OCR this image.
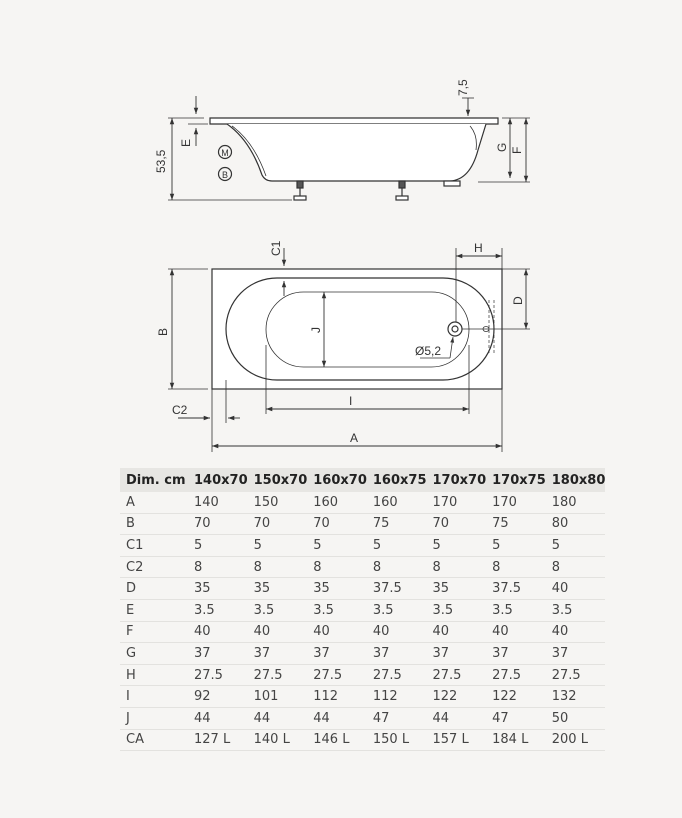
53,5
E
7,5
G F
M
B
C1	H
D
B	J
Ø5,2
C2
I
A
Dim. cm	140x70	150x70	160x70	160x75	170x70	170x75	180x80
A	140	150	160	160	170	170	180
B	70	70	70	75	70	75	80
C1	5	5	5	5	5	5	5
C2	8	8	8	8	8	8	8
D	35	35	35	37.5	35	37.5	40
E	3.5	3.5	3.5	3.5	3.5	3.5	3.5
F	40	40	40	40	40	40	40
G	37	37	37	37	37	37	37
H	27.5	27.5	27.5	27.5	27.5	27.5	27.5
I	92	101	112	112	122	122	132
J	44	44	44	47	44	47	50
CA	127 L	140 L	146 L	150 L	157 L	184 L	200 L
